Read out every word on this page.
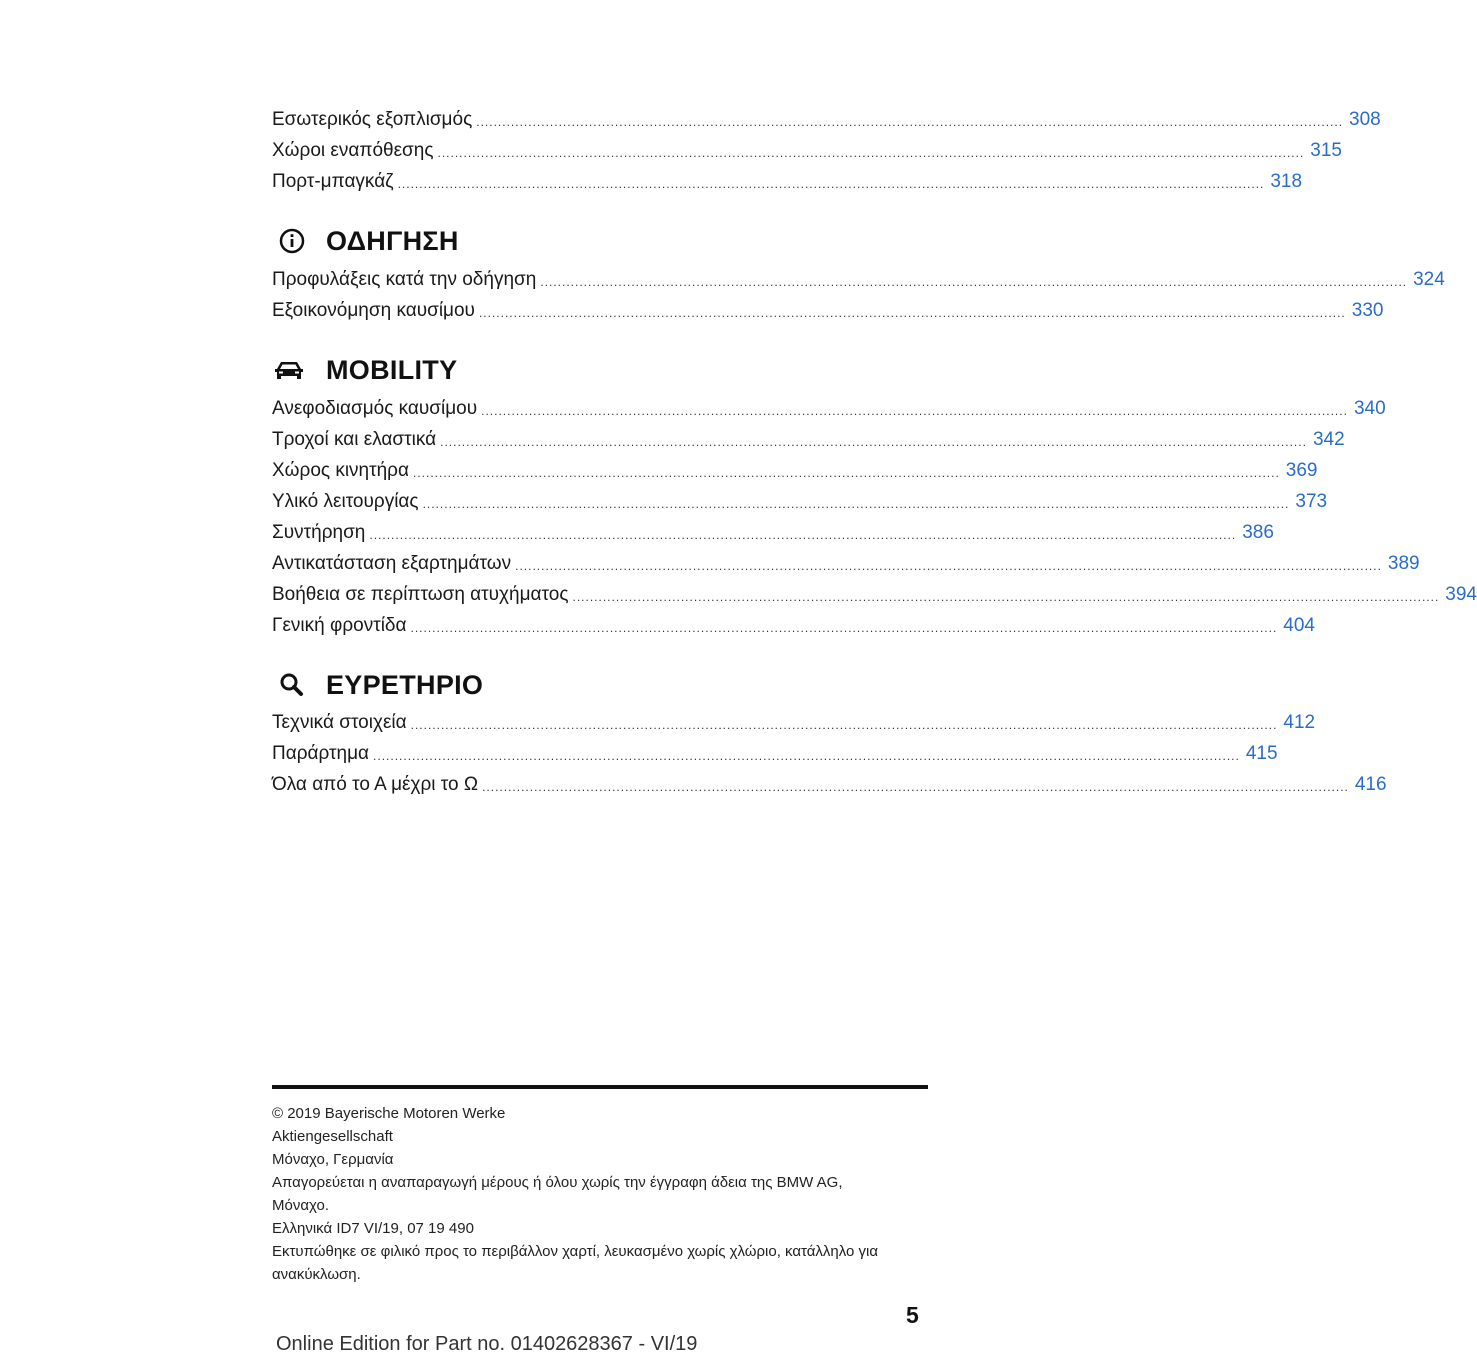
Εσωτερικός εξοπλισμός ........................................................................................................................................................................................................ 308
Χώροι εναπόθεσης ........................................................................................................................................................................................................ 315
Πορτ-μπαγκάζ ........................................................................................................................................................................................................ 318
ΟΔΗΓΗΣΗ
Προφυλάξεις κατά την οδήγηση ........................................................................................................................................................................................................ 324
Εξοικονόμηση καυσίμου ........................................................................................................................................................................................................ 330
MOBILITY
Ανεφοδιασμός καυσίμου ........................................................................................................................................................................................................ 340
Τροχοί και ελαστικά ........................................................................................................................................................................................................ 342
Χώρος κινητήρα ........................................................................................................................................................................................................ 369
Υλικό λειτουργίας ........................................................................................................................................................................................................ 373
Συντήρηση ........................................................................................................................................................................................................ 386
Αντικατάσταση εξαρτημάτων ........................................................................................................................................................................................................ 389
Βοήθεια σε περίπτωση ατυχήματος ........................................................................................................................................................................................................ 394
Γενική φροντίδα ........................................................................................................................................................................................................ 404
ΕΥΡΕΤΗΡΙΟ
Τεχνικά στοιχεία ........................................................................................................................................................................................................ 412
Παράρτημα ........................................................................................................................................................................................................ 415
Όλα από το Α μέχρι το Ω ........................................................................................................................................................................................................ 416
© 2019 Bayerische Motoren Werke
Aktiengesellschaft
Μόναχο, Γερμανία
Απαγορεύεται η αναπαραγωγή μέρους ή όλου χωρίς την έγγραφη άδεια της BMW AG,
Μόναχο.
Ελληνικά ID7 VI/19, 07 19 490
Εκτυπώθηκε σε φιλικό προς το περιβάλλον χαρτί, λευκασμένο χωρίς χλώριο, κατάλληλο για
ανακύκλωση.
5
Online Edition for Part no. 01402628367 - VI/19
